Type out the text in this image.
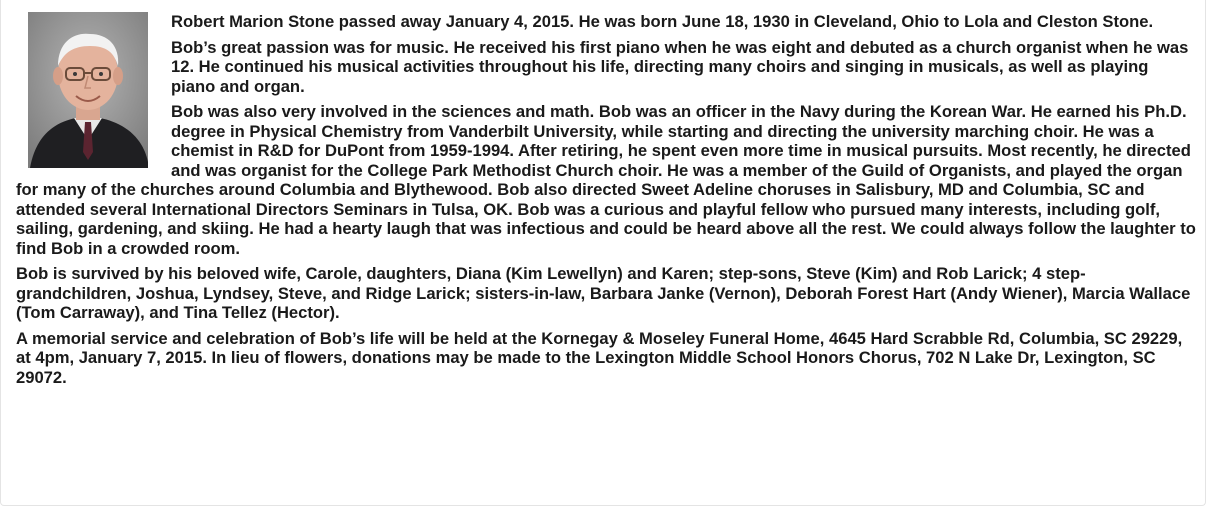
Robert Marion Stone passed away January 4, 2015. He was born June 18, 1930 in Cleveland, Ohio to Lola and Cleston Stone.

Bob’s great passion was for music. He received his first piano when he was eight and debuted as a church organist when he was 12. He continued his musical activities throughout his life, directing many choirs and singing in musicals, as well as playing piano and organ.

Bob was also very involved in the sciences and math. Bob was an officer in the Navy during the Korean War. He earned his Ph.D. degree in Physical Chemistry from Vanderbilt University, while starting and directing the university marching choir. He was a chemist in R&D for DuPont from 1959-1994. After retiring, he spent even more time in musical pursuits. Most recently, he directed and was organist for the College Park Methodist Church choir. He was a member of the Guild of Organists, and played the organ for many of the churches around Columbia and Blythewood. Bob also directed Sweet Adeline choruses in Salisbury, MD and Columbia, SC and attended several International Directors Seminars in Tulsa, OK. Bob was a curious and playful fellow who pursued many interests, including golf, sailing, gardening, and skiing. He had a hearty laugh that was infectious and could be heard above all the rest. We could always follow the laughter to find Bob in a crowded room.

Bob is survived by his beloved wife, Carole, daughters, Diana (Kim Lewellyn) and Karen; step-sons, Steve (Kim) and Rob Larick; 4 step-grandchildren, Joshua, Lyndsey, Steve, and Ridge Larick; sisters-in-law, Barbara Janke (Vernon), Deborah Forest Hart (Andy Wiener), Marcia Wallace (Tom Carraway), and Tina Tellez (Hector).

A memorial service and celebration of Bob’s life will be held at the Kornegay & Moseley Funeral Home, 4645 Hard Scrabble Rd, Columbia, SC 29229, at 4pm, January 7, 2015. In lieu of flowers, donations may be made to the Lexington Middle School Honors Chorus, 702 N Lake Dr, Lexington, SC 29072.
